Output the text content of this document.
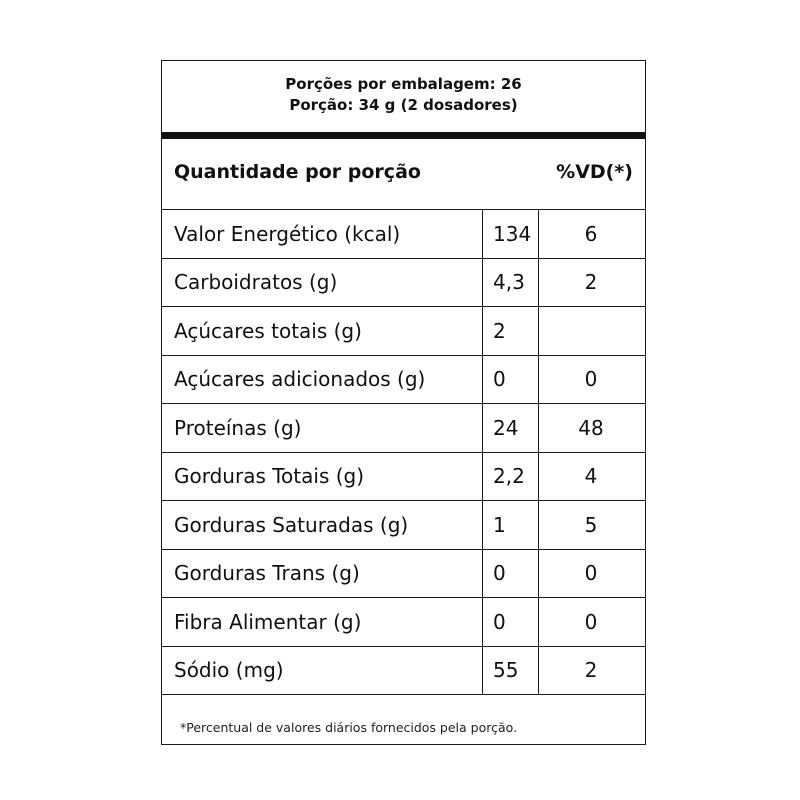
Porções por embalagem: 26
Porção: 34 g (2 dosadores)
Quantidade por porção	%VD(*)
Valor Energético (kcal)	134	6
Carboidratos (g)	4,3	2
Açúcares totais (g)	2
Açúcares adicionados (g)	0	0
Proteínas (g)	24	48
Gorduras Totais (g)	2,2	4
Gorduras Saturadas (g)	1	5
Gorduras Trans (g)	0	0
Fibra Alimentar (g)	0	0
Sódio (mg)	55	2
*Percentual de valores diários fornecidos pela porção.
